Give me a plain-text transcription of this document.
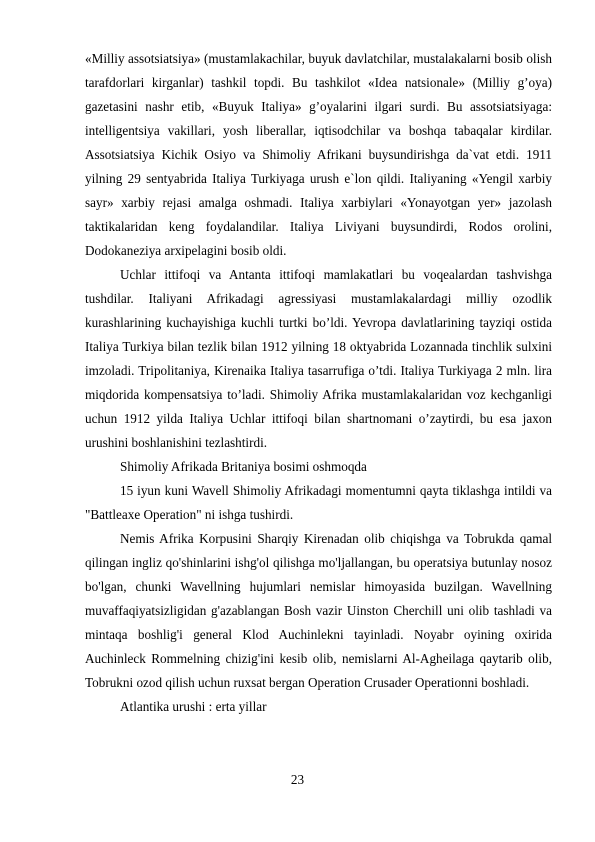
«Milliy assotsiatsiya» (mustamlakachilar, buyuk davlatchilar, mustalakalarni bosib olish tarafdorlari kirganlar) tashkil topdi. Bu tashkilot «Idea natsionale» (Milliy g’oya) gazetasini nashr etib, «Buyuk Italiya» g’oyalarini ilgari surdi. Bu assotsiatsiyaga: intelligentsiya vakillari, yosh liberallar, iqtisodchilar va boshqa tabaqalar kirdilar. Assotsiatsiya Kichik Osiyo va Shimoliy Afrikani buysundirishga da`vat etdi. 1911 yilning 29 sentyabrida Italiya Turkiyaga urush e`lon qildi. Italiyaning «Yengil xarbiy sayr» xarbiy rejasi amalga oshmadi. Italiya xarbiylari «Yonayotgan yer» jazolash taktikalaridan keng foydalandilar. Italiya Liviyani buysundirdi, Rodos orolini, Dodokaneziya arxipelagini bosib oldi.

Uchlar ittifoqi va Antanta ittifoqi mamlakatlari bu voqealardan tashvishga tushdilar. Italiyani Afrikadagi agressiyasi mustamlakalardagi milliy ozodlik kurashlarining kuchayishiga kuchli turtki bo’ldi. Yevropa davlatlarining tayziqi ostida Italiya Turkiya bilan tezlik bilan 1912 yilning 18 oktyabrida Lozannada tinchlik sulxini imzoladi. Tripolitaniya, Kirenaika Italiya tasarrufiga o’tdi. Italiya Turkiyaga 2 mln. lira miqdorida kompensatsiya to’ladi. Shimoliy Afrika mustamlakalaridan voz kechganligi uchun 1912 yilda Italiya Uchlar ittifoqi bilan shartnomani o’zaytirdi, bu esa jaxon urushini boshlanishini tezlashtirdi.

Shimoliy Afrikada Britaniya bosimi oshmoqda

15 iyun kuni Wavell Shimoliy Afrikadagi momentumni qayta tiklashga intildi va "Battleaxe Operation" ni ishga tushirdi.

Nemis Afrika Korpusini Sharqiy Kirenadan olib chiqishga va Tobrukda qamal qilingan ingliz qo'shinlarini ishg'ol qilishga mo'ljallangan, bu operatsiya butunlay nosoz bo'lgan, chunki Wavellning hujumlari nemislar himoyasida buzilgan. Wavellning muvaffaqiyatsizligidan g'azablangan Bosh vazir Uinston Cherchill uni olib tashladi va mintaqa boshlig'i general Klod Auchinlekni tayinladi. Noyabr oyining oxirida Auchinleck Rommelning chizig'ini kesib olib, nemislarni Al-Agheilaga qaytarib olib, Tobrukni ozod qilish uchun ruxsat bergan Operation Crusader Operationni boshladi.

Atlantika urushi : erta yillar

23
